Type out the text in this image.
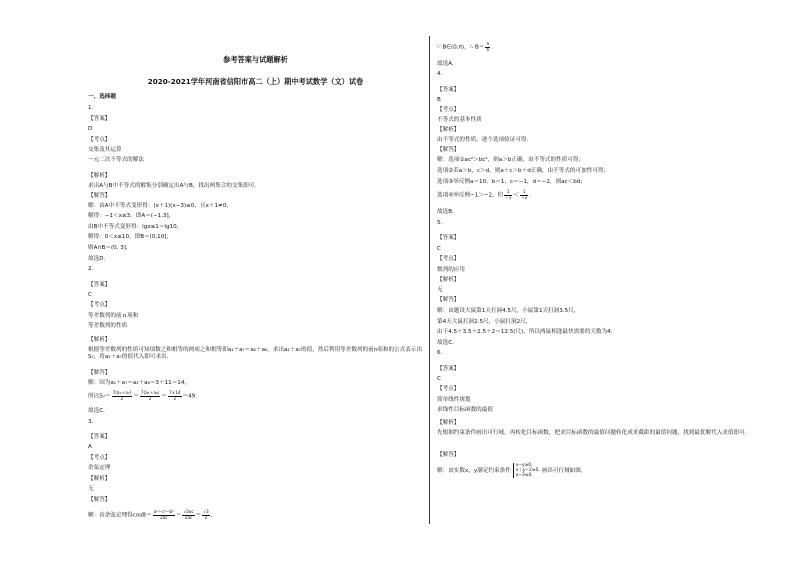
参考答案与试题解析
2020-2021学年河南省信阳市高二（上）期中考试数学（文）试卷
一、选择题
1.
【答案】
D
【考点】
交集及其运算
一元二次不等式的解法
【解析】
求出A与B中不等式的解集分别确定出A与B，找出两集合的交集即可．
【解答】
解：由A中不等式变形得：(x＋1)(x−3)≤0，且x＋1≠0，
解得：−1＜x≤3，即A＝(−1,3]，
由B中不等式变形得：lgx≤1＝lg10，
解得：0＜x≤10，即B＝(0,10]，
则A∩B＝(0, 3]．
故选D．
2.
【答案】
C
【考点】
等差数列的前ｎ项和
等差数列的性质
【解析】
根据等差数列的性质可知项数之和相等的两项之和相等即a₁＋a₇＝a₂＋a₆，求出a₁＋a₇的值，然后利用等差数列的前n项和的公式表示出S₇，将a₁＋a₇的值代入即可求出．
【解答】
解：因为a₁＋a₇＝a₂＋a₆＝3＋11＝14，
所以$S_7= \frac{\text{7(a₁＋a₇)}}{2} = \frac{\text{7(a₂＋a₆)}}{2} = \frac{7\times 14}{2} =49$.
故选C．
3.
【答案】
A
【考点】
余弦定理
【解析】
无
【解答】
解：由余弦定理得$\cos B= \frac{\text{a²＋c²−b²}}{2ac} = \frac{√3ac}{2ac} = \frac{√3}{2}$ ，
∵ B∈(0,π)，∴ $B= \frac{\pi}{6}$ ．
故选A．
4.
【答案】
B
【考点】
不等式的基本性质
【解析】
由不等式的性质，逐个选项验证可得．
【解答】
解：选项①ac²＞bc²，则a＞b正确，由不等式的性质可得；
选项②若a＞b，c＞d，则a＋c＞b＋d正确，由不等式的可加性可得；
选项③举反例a＝10，b＝1，c＝−1，d＝−2，则ac＜bd；
选项④举反例−1＞−2，但 $\frac{1}{-1} < \frac{1}{-2}$ ．
故选B．
5.
【答案】
C
【考点】
数列的应用
【解析】
无
【解答】
解：由题设大鼠第1天打洞4.5尺，小鼠第1天打洞3.5尺，
第4天大鼠打洞2.5尺，小鼠打洞2尺，
由于4.5＋3.5＋2.5＋2＝12.5(尺)，所以两鼠相逢最快需要的天数为4．
故选C．
6.
【答案】
C
【考点】
简单线性规划
求线性目标函数的最值
【解析】
先根据约束条件画出可行域，再转化目标函数，把求目标函数的最值问题转化成求截距的最值问题，找到最优解代入求值即可．
【解答】
解：由实数x，y满足约束条件
x−y≥0,
x＋y−2≥0,
x−3≤0,
画出可行域如图，
